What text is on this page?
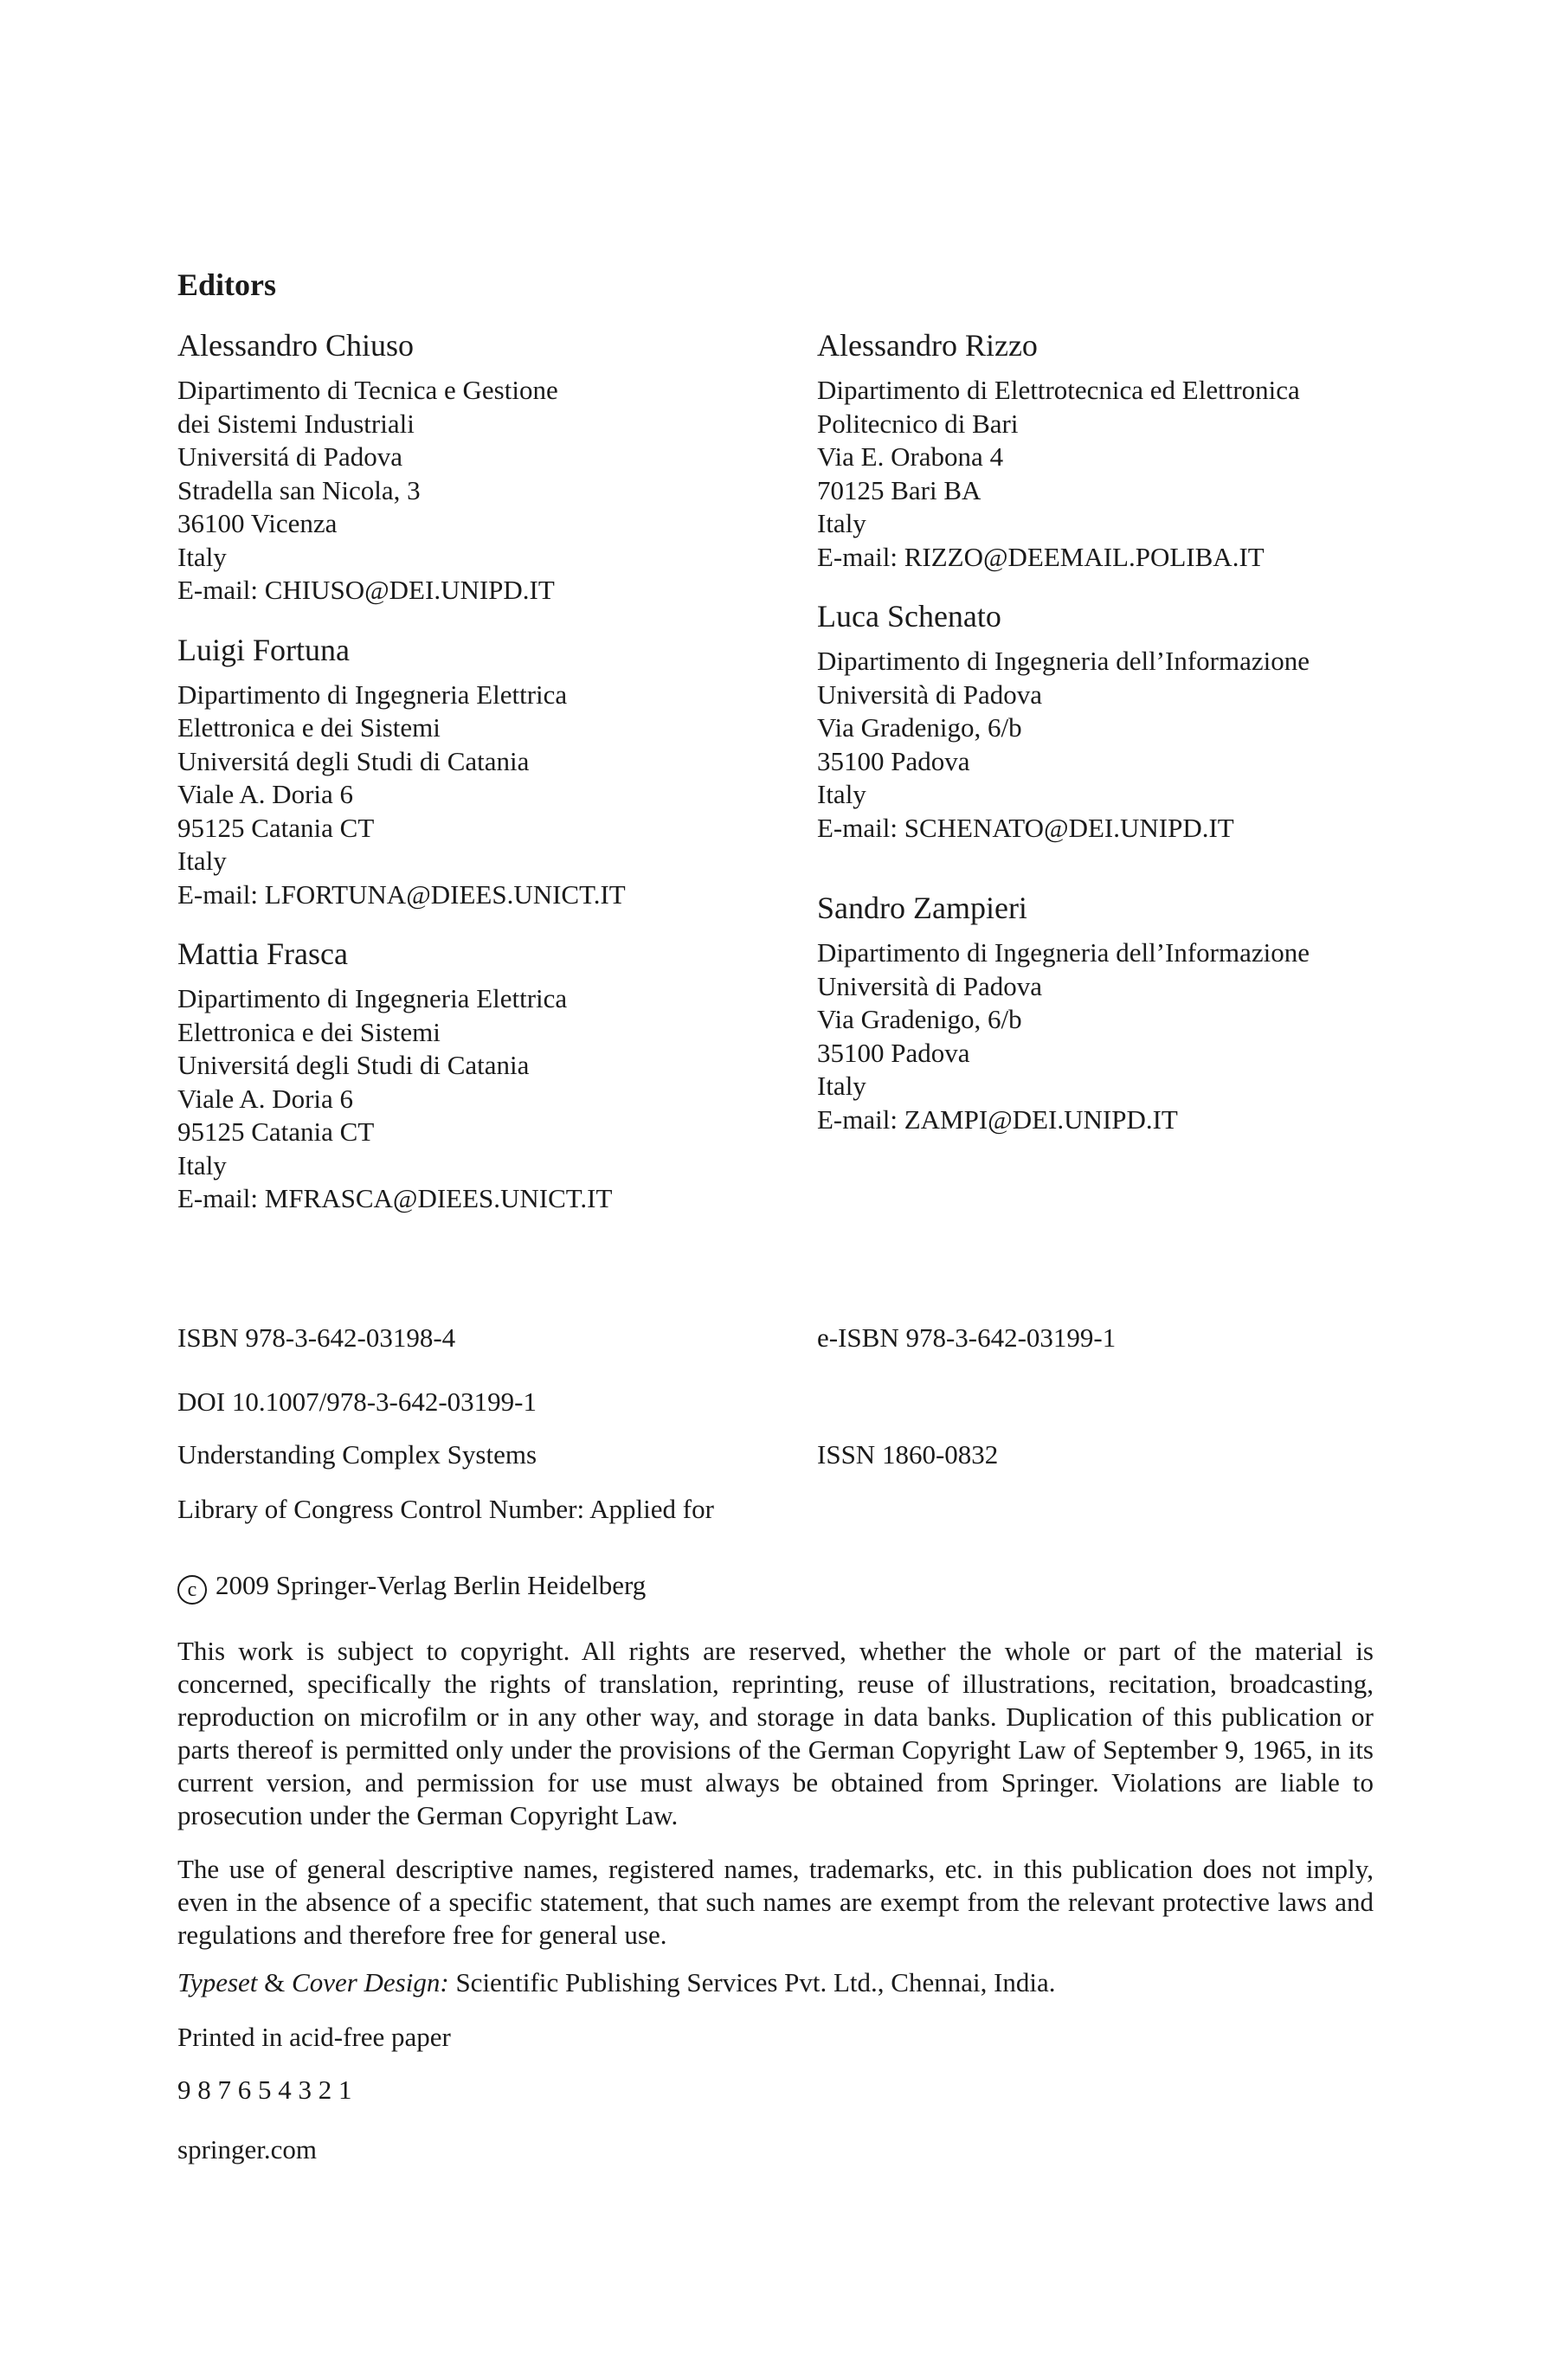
Editors
Alessandro Chiuso
Dipartimento di Tecnica e Gestione
dei Sistemi Industriali
Universitá di Padova
Stradella san Nicola, 3
36100 Vicenza
Italy
E-mail: CHIUSO@DEI.UNIPD.IT
Luigi Fortuna
Dipartimento di Ingegneria Elettrica
Elettronica e dei Sistemi
Universitá degli Studi di Catania
Viale A. Doria 6
95125 Catania CT
Italy
E-mail: LFORTUNA@DIEES.UNICT.IT
Mattia Frasca
Dipartimento di Ingegneria Elettrica
Elettronica e dei Sistemi
Universitá degli Studi di Catania
Viale A. Doria 6
95125 Catania CT
Italy
E-mail: MFRASCA@DIEES.UNICT.IT
Alessandro Rizzo
Dipartimento di Elettrotecnica ed Elettronica
Politecnico di Bari
Via E. Orabona 4
70125 Bari BA
Italy
E-mail: RIZZO@DEEMAIL.POLIBA.IT
Luca Schenato
Dipartimento di Ingegneria dell’Informazione
Università di Padova
Via Gradenigo, 6/b
35100 Padova
Italy
E-mail: SCHENATO@DEI.UNIPD.IT
Sandro Zampieri
Dipartimento di Ingegneria dell’Informazione
Università di Padova
Via Gradenigo, 6/b
35100 Padova
Italy
E-mail: ZAMPI@DEI.UNIPD.IT
ISBN 978-3-642-03198-4	e-ISBN 978-3-642-03199-1
DOI 10.1007/978-3-642-03199-1
Understanding Complex Systems	ISSN 1860-0832
Library of Congress Control Number: Applied for
c 2009 Springer-Verlag Berlin Heidelberg
This work is subject to copyright. All rights are reserved, whether the whole or part of the material is concerned, specifically the rights of translation, reprinting, reuse of illustrations, recitation, broadcasting, reproduction on microfilm or in any other way, and storage in data banks. Duplication of this publication or parts thereof is permitted only under the provisions of the German Copyright Law of September 9, 1965, in its current version, and permission for use must always be obtained from Springer. Violations are liable to prosecution under the German Copyright Law.
The use of general descriptive names, registered names, trademarks, etc. in this publication does not imply, even in the absence of a specific statement, that such names are exempt from the relevant protective laws and regulations and therefore free for general use.
Typeset & Cover Design: Scientific Publishing Services Pvt. Ltd., Chennai, India.
Printed in acid-free paper
9 8 7 6 5 4 3 2 1
springer.com
